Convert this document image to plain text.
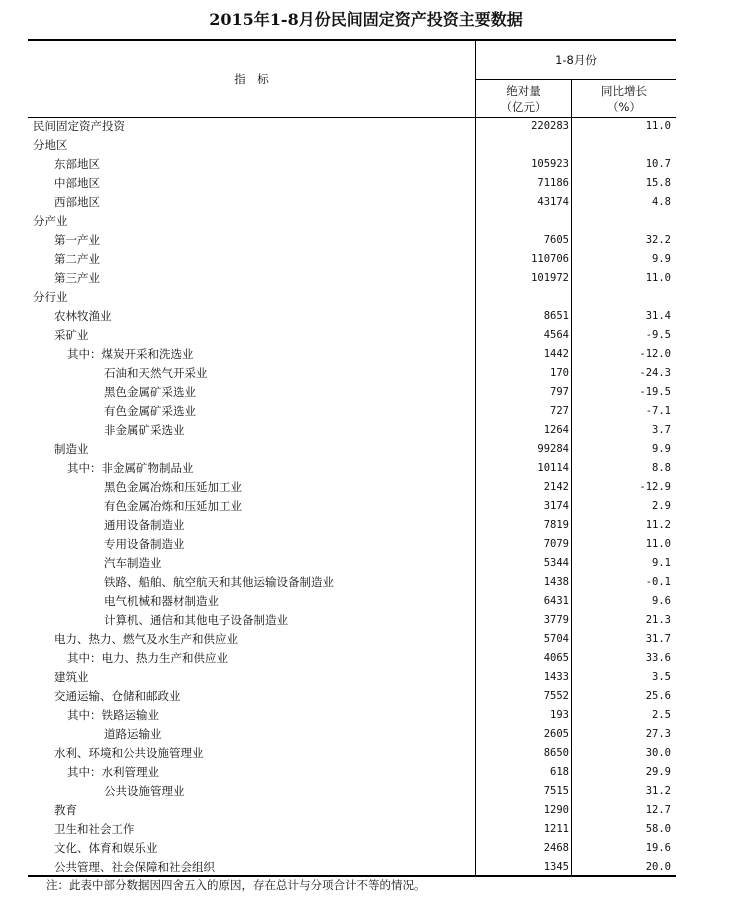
2015年1-8月份民间固定资产投资主要数据
指　标
1-8月份
绝对量
（亿元）
同比增长
（%）
民间固定资产投资	220283	11.0
分地区
东部地区	105923	10.7
中部地区	71186	15.8
西部地区	43174	4.8
分产业
第一产业	7605	32.2
第二产业	110706	9.9
第三产业	101972	11.0
分行业
农林牧渔业	8651	31.4
采矿业	4564	-9.5
其中：煤炭开采和洗选业	1442	-12.0
石油和天然气开采业	170	-24.3
黑色金属矿采选业	797	-19.5
有色金属矿采选业	727	-7.1
非金属矿采选业	1264	3.7
制造业	99284	9.9
其中：非金属矿物制品业	10114	8.8
黑色金属冶炼和压延加工业	2142	-12.9
有色金属冶炼和压延加工业	3174	2.9
通用设备制造业	7819	11.2
专用设备制造业	7079	11.0
汽车制造业	5344	9.1
铁路、船舶、航空航天和其他运输设备制造业	1438	-0.1
电气机械和器材制造业	6431	9.6
计算机、通信和其他电子设备制造业	3779	21.3
电力、热力、燃气及水生产和供应业	5704	31.7
其中：电力、热力生产和供应业	4065	33.6
建筑业	1433	3.5
交通运输、仓储和邮政业	7552	25.6
其中：铁路运输业	193	2.5
道路运输业	2605	27.3
水利、环境和公共设施管理业	8650	30.0
其中：水利管理业	618	29.9
公共设施管理业	7515	31.2
教育	1290	12.7
卫生和社会工作	1211	58.0
文化、体育和娱乐业	2468	19.6
公共管理、社会保障和社会组织	1345	20.0
注：此表中部分数据因四舍五入的原因，存在总计与分项合计不等的情况。
